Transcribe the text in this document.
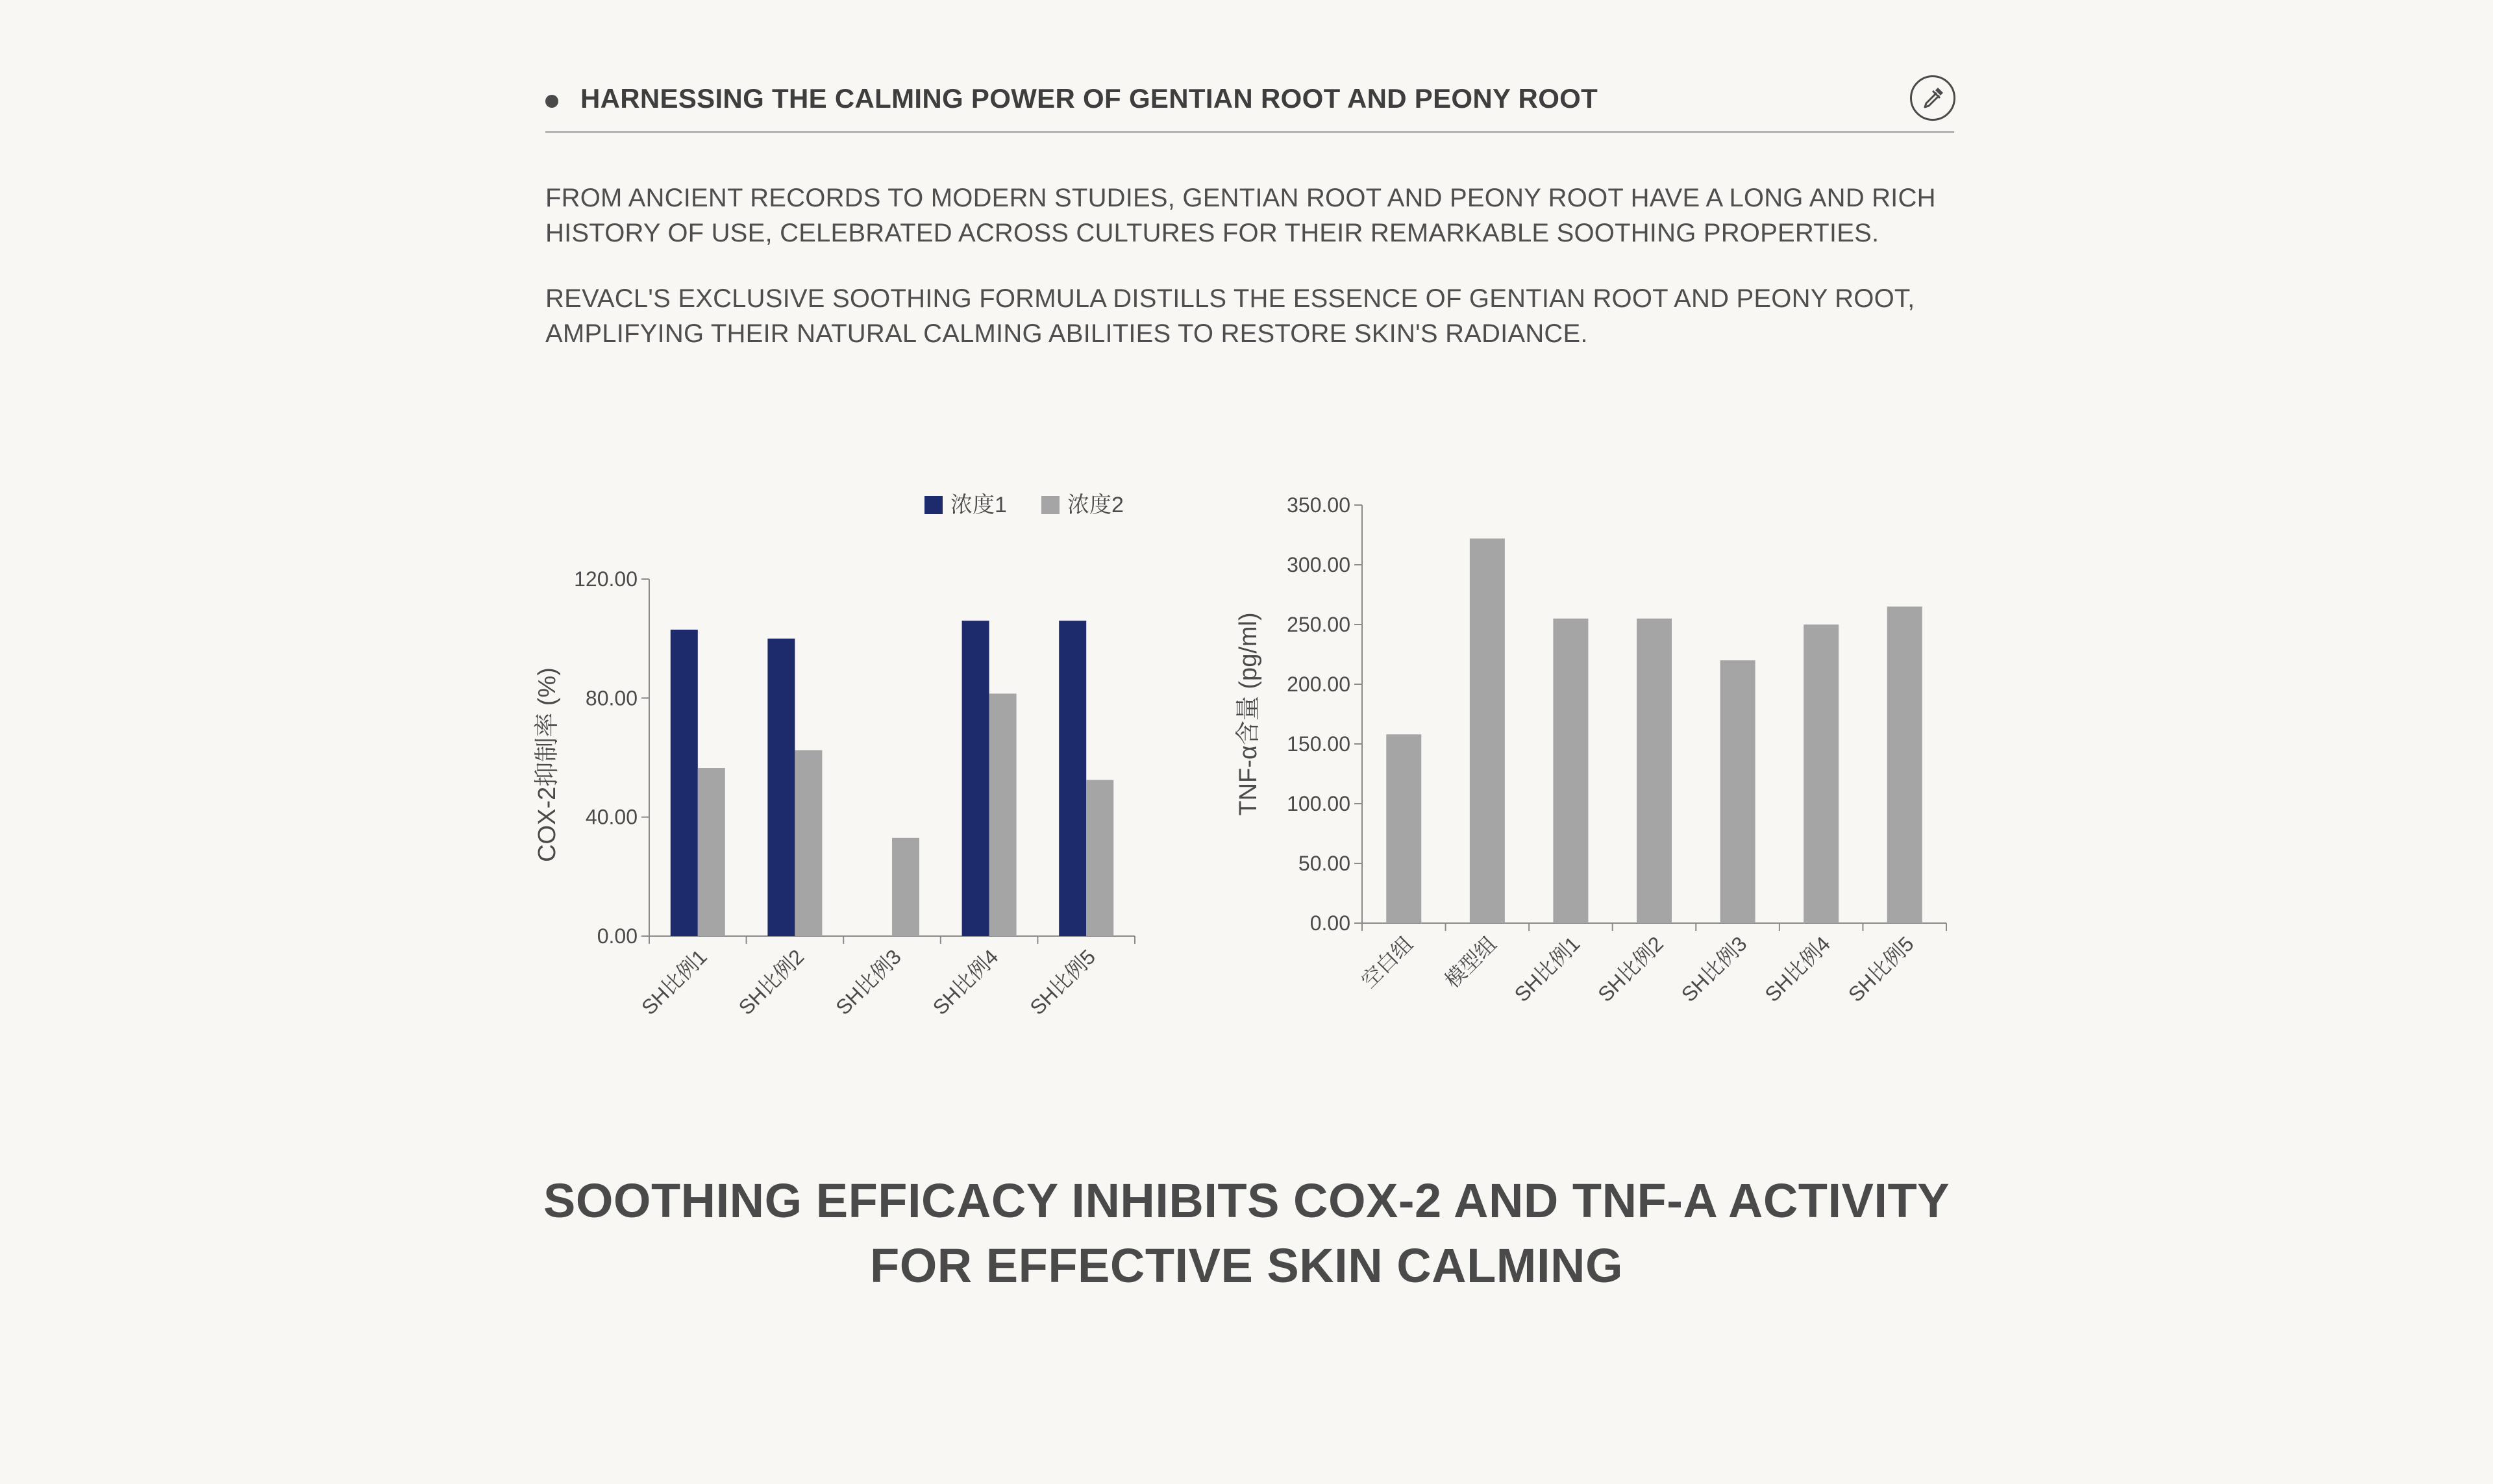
HARNESSING THE CALMING POWER OF GENTIAN ROOT AND PEONY ROOT
FROM ANCIENT RECORDS TO MODERN STUDIES, GENTIAN ROOT AND PEONY ROOT HAVE A LONG AND RICH
HISTORY OF USE, CELEBRATED ACROSS CULTURES FOR THEIR REMARKABLE SOOTHING PROPERTIES.
REVACL'S EXCLUSIVE SOOTHING FORMULA DISTILLS THE ESSENCE OF GENTIAN ROOT AND PEONY ROOT,
AMPLIFYING THEIR NATURAL CALMING ABILITIES TO RESTORE SKIN'S RADIANCE.
0.00
40.00
80.00
120.00
COX-2抑制率 (%)
SH比例1 SH比例2 SH比例3 SH比例4 SH比例5
浓度1	浓度2
0.00
50.00
100.00
150.00
200.00
250.00
300.00
350.00
TNF-α含量 (pg/ml)
空白组 模型组 SH比例1 SH比例2 SH比例3 SH比例4 SH比例5
SOOTHING EFFICACY INHIBITS COX-2 AND TNF-A ACTIVITY
FOR EFFECTIVE SKIN CALMING
